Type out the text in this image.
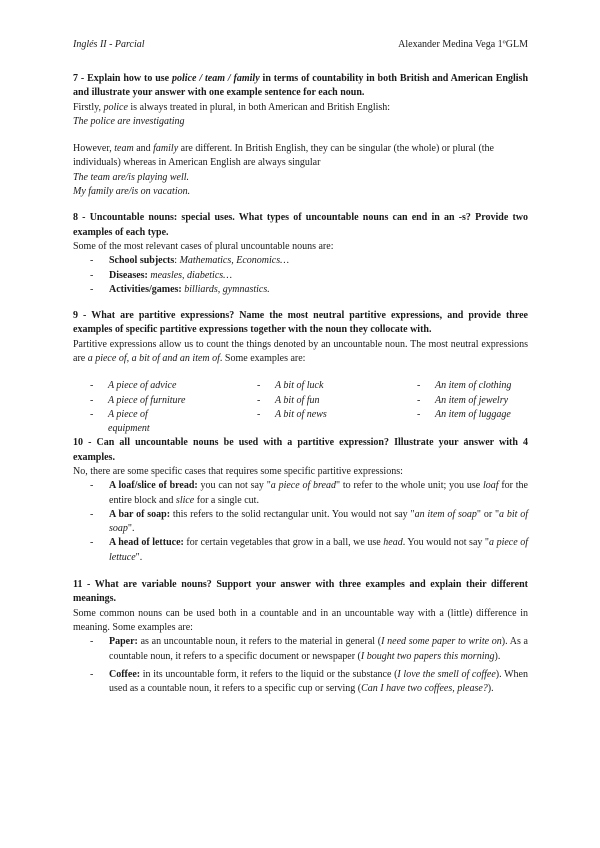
Inglés II - Parcial	Alexander Medina Vega 1ºGLM

7 - Explain how to use police / team / family in terms of countability in both British and American English and illustrate your answer with one example sentence for each noun.

Firstly, police is always treated in plural, in both American and British English:

The police are investigating

However, team and family are different. In British English, they can be singular (the whole) or plural (the individuals) whereas in American English are always singular

The team are/is playing well.

My family are/is on vacation.

8 - Uncountable nouns: special uses. What types of uncountable nouns can end in an -s? Provide two examples of each type.

Some of the most relevant cases of plural uncountable nouns are:

- School subjects: Mathematics, Economics…
- Diseases: measles, diabetics…
- Activities/games: billiards, gymnastics.

9 - What are partitive expressions? Name the most neutral partitive expressions, and provide three examples of specific partitive expressions together with the noun they collocate with.

Partitive expressions allow us to count the things denoted by an uncountable noun. The most neutral expressions are a piece of, a bit of and an item of. Some examples are:

- A piece of advice
- A piece of furniture
- A piece of equipment
- A bit of luck
- A bit of fun
- A bit of news
- An item of clothing
- An item of jewelry
- An item of luggage

10 - Can all uncountable nouns be used with a partitive expression? Illustrate your answer with 4 examples.

No, there are some specific cases that requires some specific partitive expressions:

- A loaf/slice of bread: you can not say "a piece of bread" to refer to the whole unit; you use loaf for the entire block and slice for a single cut.
- A bar of soap: this refers to the solid rectangular unit. You would not say "an item of soap" or "a bit of soap".
- A head of lettuce: for certain vegetables that grow in a ball, we use head. You would not say "a piece of lettuce".

11 - What are variable nouns? Support your answer with three examples and explain their different meanings.

Some common nouns can be used both in a countable and in an uncountable way with a (little) difference in meaning. Some examples are:

- Paper: as an uncountable noun, it refers to the material in general (I need some paper to write on). As a countable noun, it refers to a specific document or newspaper (I bought two papers this morning).
- Coffee: in its uncountable form, it refers to the liquid or the substance (I love the smell of coffee). When used as a countable noun, it refers to a specific cup or serving (Can I have two coffees, please?).
